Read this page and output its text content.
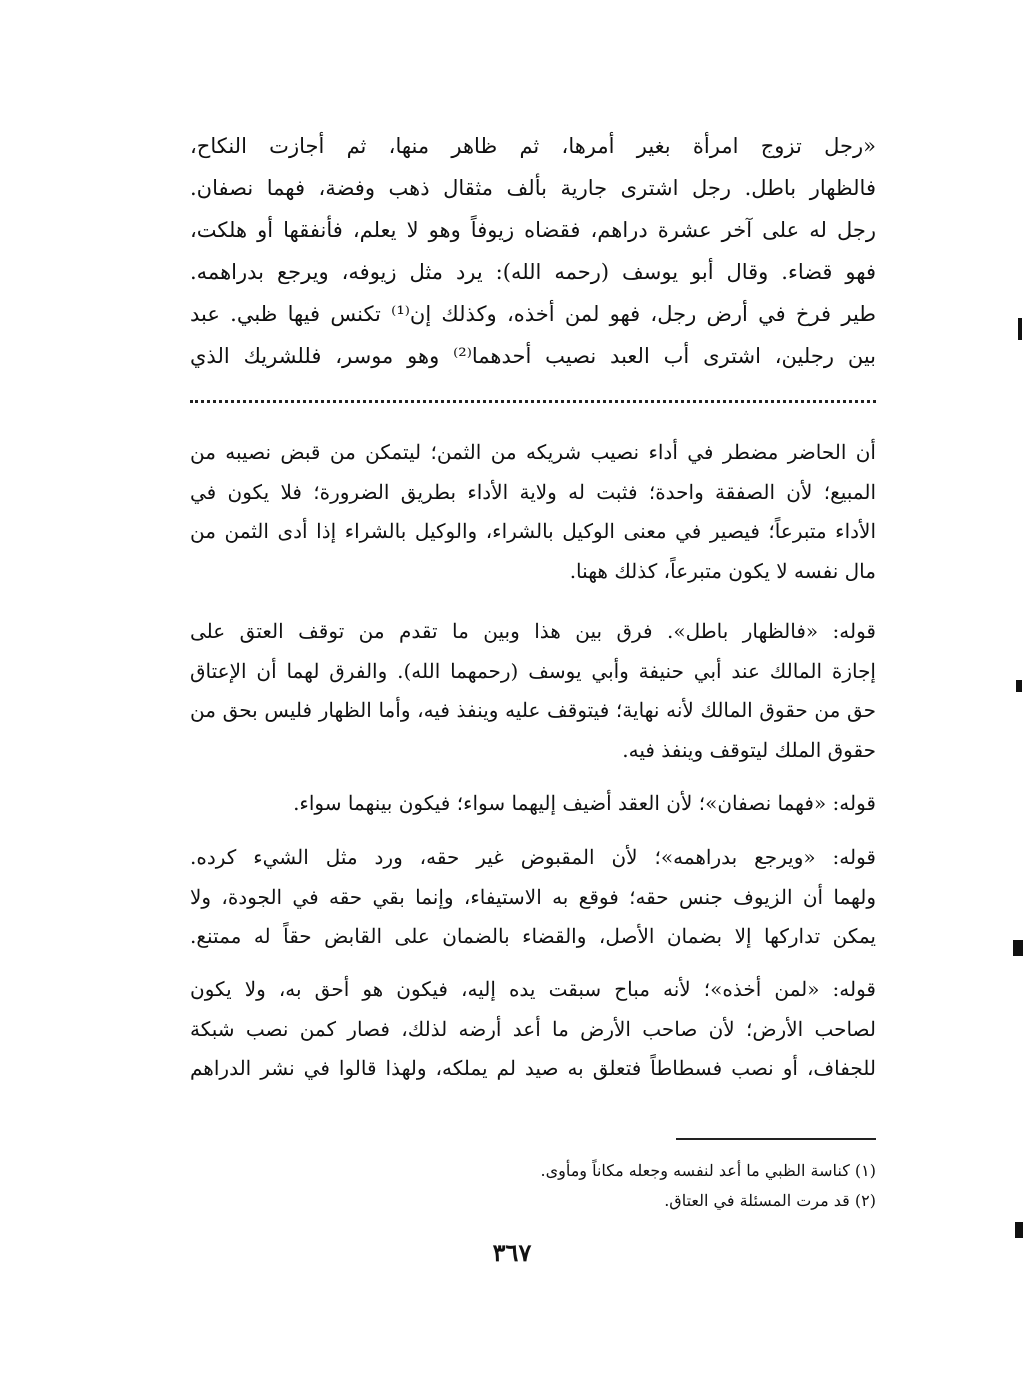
«رجل تزوج امرأة بغير أمرها، ثم ظاهر منها، ثم أجازت النكاح،
فالظهار باطل. رجل اشترى جارية بألف مثقال ذهب وفضة، فهما نصفان.
رجل له على آخر عشرة دراهم، فقضاه زيوفاً وهو لا يعلم، فأنفقها أو هلكت،
فهو قضاء. وقال أبو يوسف (رحمه الله): يرد مثل زيوفه، ويرجع بدراهمه.
طير فرخ في أرض رجل، فهو لمن أخذه، وكذلك إن⁽¹⁾ تكنس فيها ظبي. عبد
بين رجلين، اشترى أب العبد نصيب أحدهما⁽²⁾ وهو موسر، فللشريك الذي
أن الحاضر مضطر في أداء نصيب شريكه من الثمن؛ ليتمكن من قبض نصيبه من
المبيع؛ لأن الصفقة واحدة؛ فثبت له ولاية الأداء بطريق الضرورة؛ فلا يكون في
الأداء متبرعاً؛ فيصير في معنى الوكيل بالشراء، والوكيل بالشراء إذا أدى الثمن من
مال نفسه لا يكون متبرعاً، كذلك ههنا.
قوله: «فالظهار باطل». فرق بين هذا وبين ما تقدم من توقف العتق على
إجازة المالك عند أبي حنيفة وأبي يوسف (رحمهما الله). والفرق لهما أن الإعتاق
حق من حقوق المالك لأنه نهاية؛ فيتوقف عليه وينفذ فيه، وأما الظهار فليس بحق من
حقوق الملك ليتوقف وينفذ فيه.
قوله: «فهما نصفان»؛ لأن العقد أضيف إليهما سواء؛ فيكون بينهما سواء.
قوله: «ويرجع بدراهمه»؛ لأن المقبوض غير حقه، ورد مثل الشيء كرده.
ولهما أن الزيوف جنس حقه؛ فوقع به الاستيفاء، وإنما بقي حقه في الجودة، ولا
يمكن تداركها إلا بضمان الأصل، والقضاء بالضمان على القابض حقاً له ممتنع.
قوله: «لمن أخذه»؛ لأنه مباح سبقت يده إليه، فيكون هو أحق به، ولا يكون
لصاحب الأرض؛ لأن صاحب الأرض ما أعد أرضه لذلك، فصار كمن نصب شبكة
للجفاف، أو نصب فسطاطاً فتعلق به صيد لم يملكه، ولهذا قالوا في نشر الدراهم
(١) كناسة الظبي ما أعد لنفسه وجعله مكاناً ومأوى.
(٢) قد مرت المسئلة في العتاق.
٣٦٧
